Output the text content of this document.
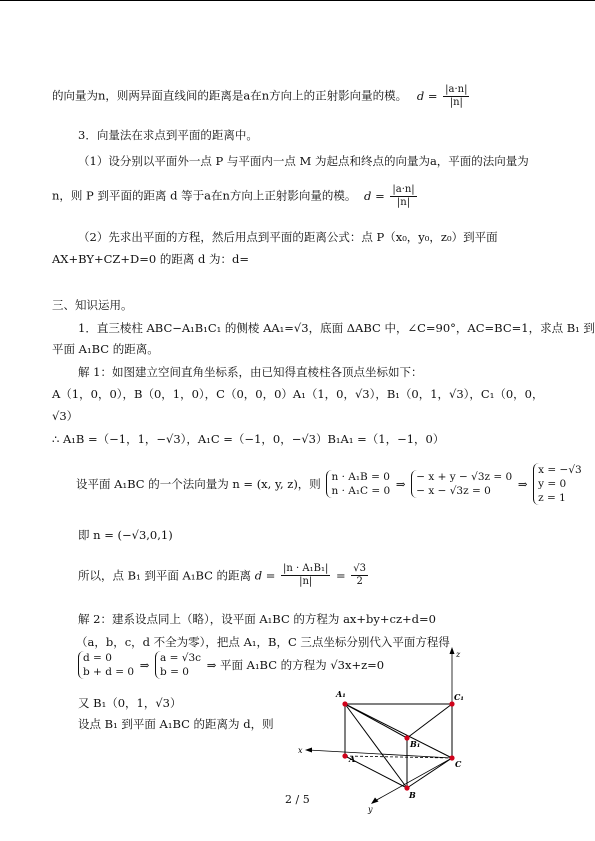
的向量为n，则两异面直线间的距离是a在n方向上的正射影向量的模。 $d = \frac{|a\cdot n|}{|n|}$
3．向量法在求点到平面的距离中。
（1）设分别以平面外一点 P 与平面内一点 M 为起点和终点的向量为a，平面的法向量为
n，则 P 到平面的距离 d 等于a在n方向上正射影向量的模。 $d = \frac{|a\cdot n|}{|n|}$
（2）先求出平面的方程，然后用点到平面的距离公式：点 P（x₀，y₀，z₀）到平面
AX+BY+CZ+D=0 的距离 d 为：d=
三、知识运用。
1．直三棱柱 ABC−A₁B₁C₁ 的侧棱 AA₁=√3，底面 ΔABC 中，∠C=90°，AC=BC=1，求点 B₁ 到
平面 A₁BC 的距离。
解 1：如图建立空间直角坐标系，由已知得直棱柱各顶点坐标如下：
A（1，0，0），B（0，1，0），C（0，0，0）A₁（1，0，√3），B₁（0，1，√3），C₁（0，0，
√3）
∴ A₁B =（−1，1，−√3），A₁C =（−1，0，−√3）B₁A₁ =（1，−1，0）
设平面 A₁BC 的一个法向量为 n = (x, y, z)，则 n · A₁B = 0
n · A₁C = 0 ⇒ − x + y − √3z = 0
− x − √3z = 0	⇒
x = −√3
y = 0
z = 1
即 n = (−√3,0,1)
所以，点 B₁ 到平面 A₁BC 的距离 $d = \frac{\text{|n · A₁B₁|}}{|n|} = \frac{√3}{2}$
解 2：建系设点同上（略），设平面 A₁BC 的方程为 ax+by+cz+d=0
（a，b，c，d 不全为零），把点 A₁，B，C 三点坐标分别代入平面方程得
d = 0
b + d = 0 ⇒ a = √3c
b = 0	⇒ 平面 A₁BC 的方程为 √3x+z=0
又 B₁（0，1，√3）
设点 B₁ 到平面 A₁BC 的距离为 d，则
z
x
y
A₁	C₁
B₁
A
B
C
2 / 5
